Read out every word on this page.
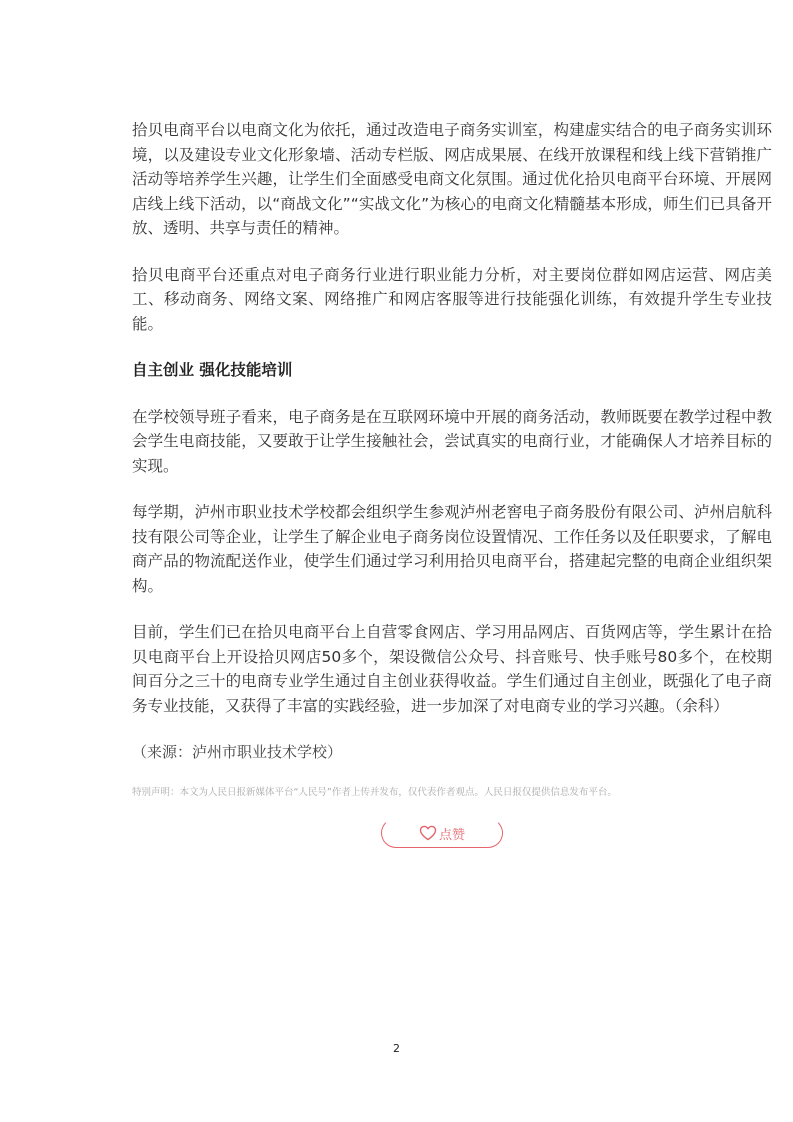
拾贝电商平台以电商文化为依托，通过改造电子商务实训室，构建虚实结合的电子商务实训环境，以及建设专业文化形象墙、活动专栏版、网店成果展、在线开放课程和线上线下营销推广活动等培养学生兴趣，让学生们全面感受电商文化氛围。通过优化拾贝电商平台环境、开展网店线上线下活动，以“商战文化”“实战文化”为核心的电商文化精髓基本形成，师生们已具备开放、透明、共享与责任的精神。

拾贝电商平台还重点对电子商务行业进行职业能力分析，对主要岗位群如网店运营、网店美工、移动商务、网络文案、网络推广和网店客服等进行技能强化训练，有效提升学生专业技能。

自主创业 强化技能培训

在学校领导班子看来，电子商务是在互联网环境中开展的商务活动，教师既要在教学过程中教会学生电商技能，又要敢于让学生接触社会，尝试真实的电商行业，才能确保人才培养目标的实现。

每学期，泸州市职业技术学校都会组织学生参观泸州老窖电子商务股份有限公司、泸州启航科技有限公司等企业，让学生了解企业电子商务岗位设置情况、工作任务以及任职要求，了解电商产品的物流配送作业，使学生们通过学习利用拾贝电商平台，搭建起完整的电商企业组织架构。

目前，学生们已在拾贝电商平台上自营零食网店、学习用品网店、百货网店等，学生累计在拾贝电商平台上开设拾贝网店50多个，架设微信公众号、抖音账号、快手账号80多个，在校期间百分之三十的电商专业学生通过自主创业获得收益。学生们通过自主创业，既强化了电子商务专业技能，又获得了丰富的实践经验，进一步加深了对电商专业的学习兴趣。（余科）

（来源：泸州市职业技术学校）

特别声明：本文为人民日报新媒体平台“人民号”作者上传并发布，仅代表作者观点。人民日报仅提供信息发布平台。

点赞
2
